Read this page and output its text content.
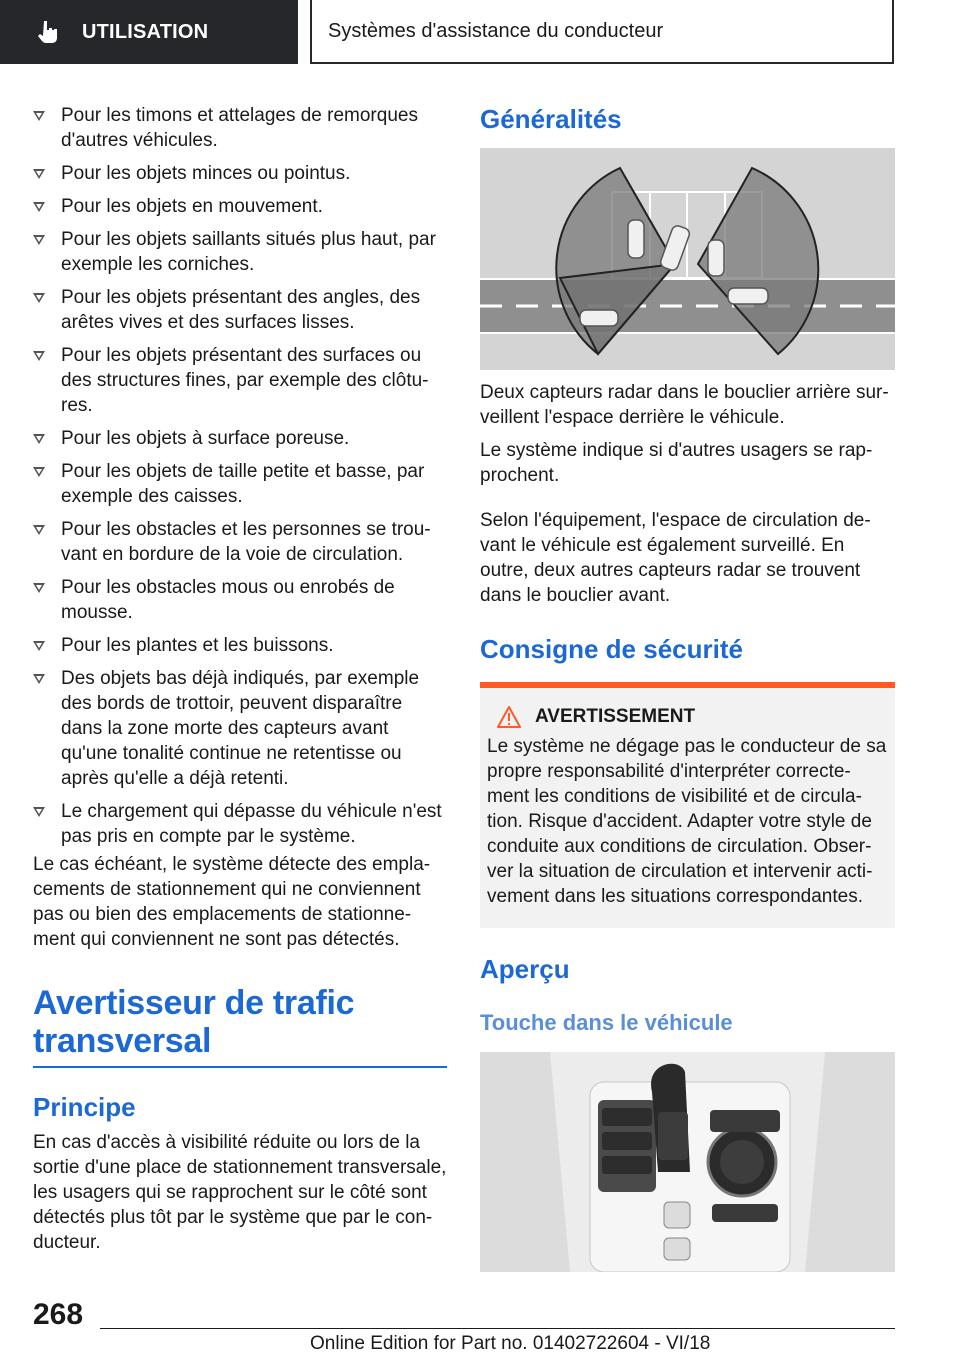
UTILISATION	Systèmes d'assistance du conducteur
Pour les timons et attelages de remorques d'autres véhicules.
Pour les objets minces ou pointus.
Pour les objets en mouvement.
Pour les objets saillants situés plus haut, par exemple les corniches.
Pour les objets présentant des angles, des arêtes vives et des surfaces lisses.
Pour les objets présentant des surfaces ou des structures fines, par exemple des clôtu-res.
Pour les objets à surface poreuse.
Pour les objets de taille petite et basse, par exemple des caisses.
Pour les obstacles et les personnes se trou-vant en bordure de la voie de circulation.
Pour les obstacles mous ou enrobés de mousse.
Pour les plantes et les buissons.
Des objets bas déjà indiqués, par exemple des bords de trottoir, peuvent disparaître dans la zone morte des capteurs avant qu'une tonalité continue ne retentisse ou après qu'elle a déjà retenti.
Le chargement qui dépasse du véhicule n'est pas pris en compte par le système.

Le cas échéant, le système détecte des empla-cements de stationnement qui ne conviennent pas ou bien des emplacements de stationne-ment qui conviennent ne sont pas détectés.

Avertisseur de trafic transversal
Principe

En cas d'accès à visibilité réduite ou lors de la sortie d'une place de stationnement transversale, les usagers qui se rapprochent sur le côté sont détectés plus tôt par le système que par le con-ducteur.

Généralités

Deux capteurs radar dans le bouclier arrière sur-veillent l'espace derrière le véhicule.

Le système indique si d'autres usagers se rap-prochent.

Selon l'équipement, l'espace de circulation de-vant le véhicule est également surveillé. En outre, deux autres capteurs radar se trouvent dans le bouclier avant.

Consigne de sécurité
AVERTISSEMENT
Le système ne dégage pas le conducteur de sa propre responsabilité d'interpréter correcte-ment les conditions de visibilité et de circula-tion. Risque d'accident. Adapter votre style de conduite aux conditions de circulation. Obser-ver la situation de circulation et intervenir acti-vement dans les situations correspondantes.
Aperçu
Touche dans le véhicule
268
Online Edition for Part no. 01402722604 - VI/18
